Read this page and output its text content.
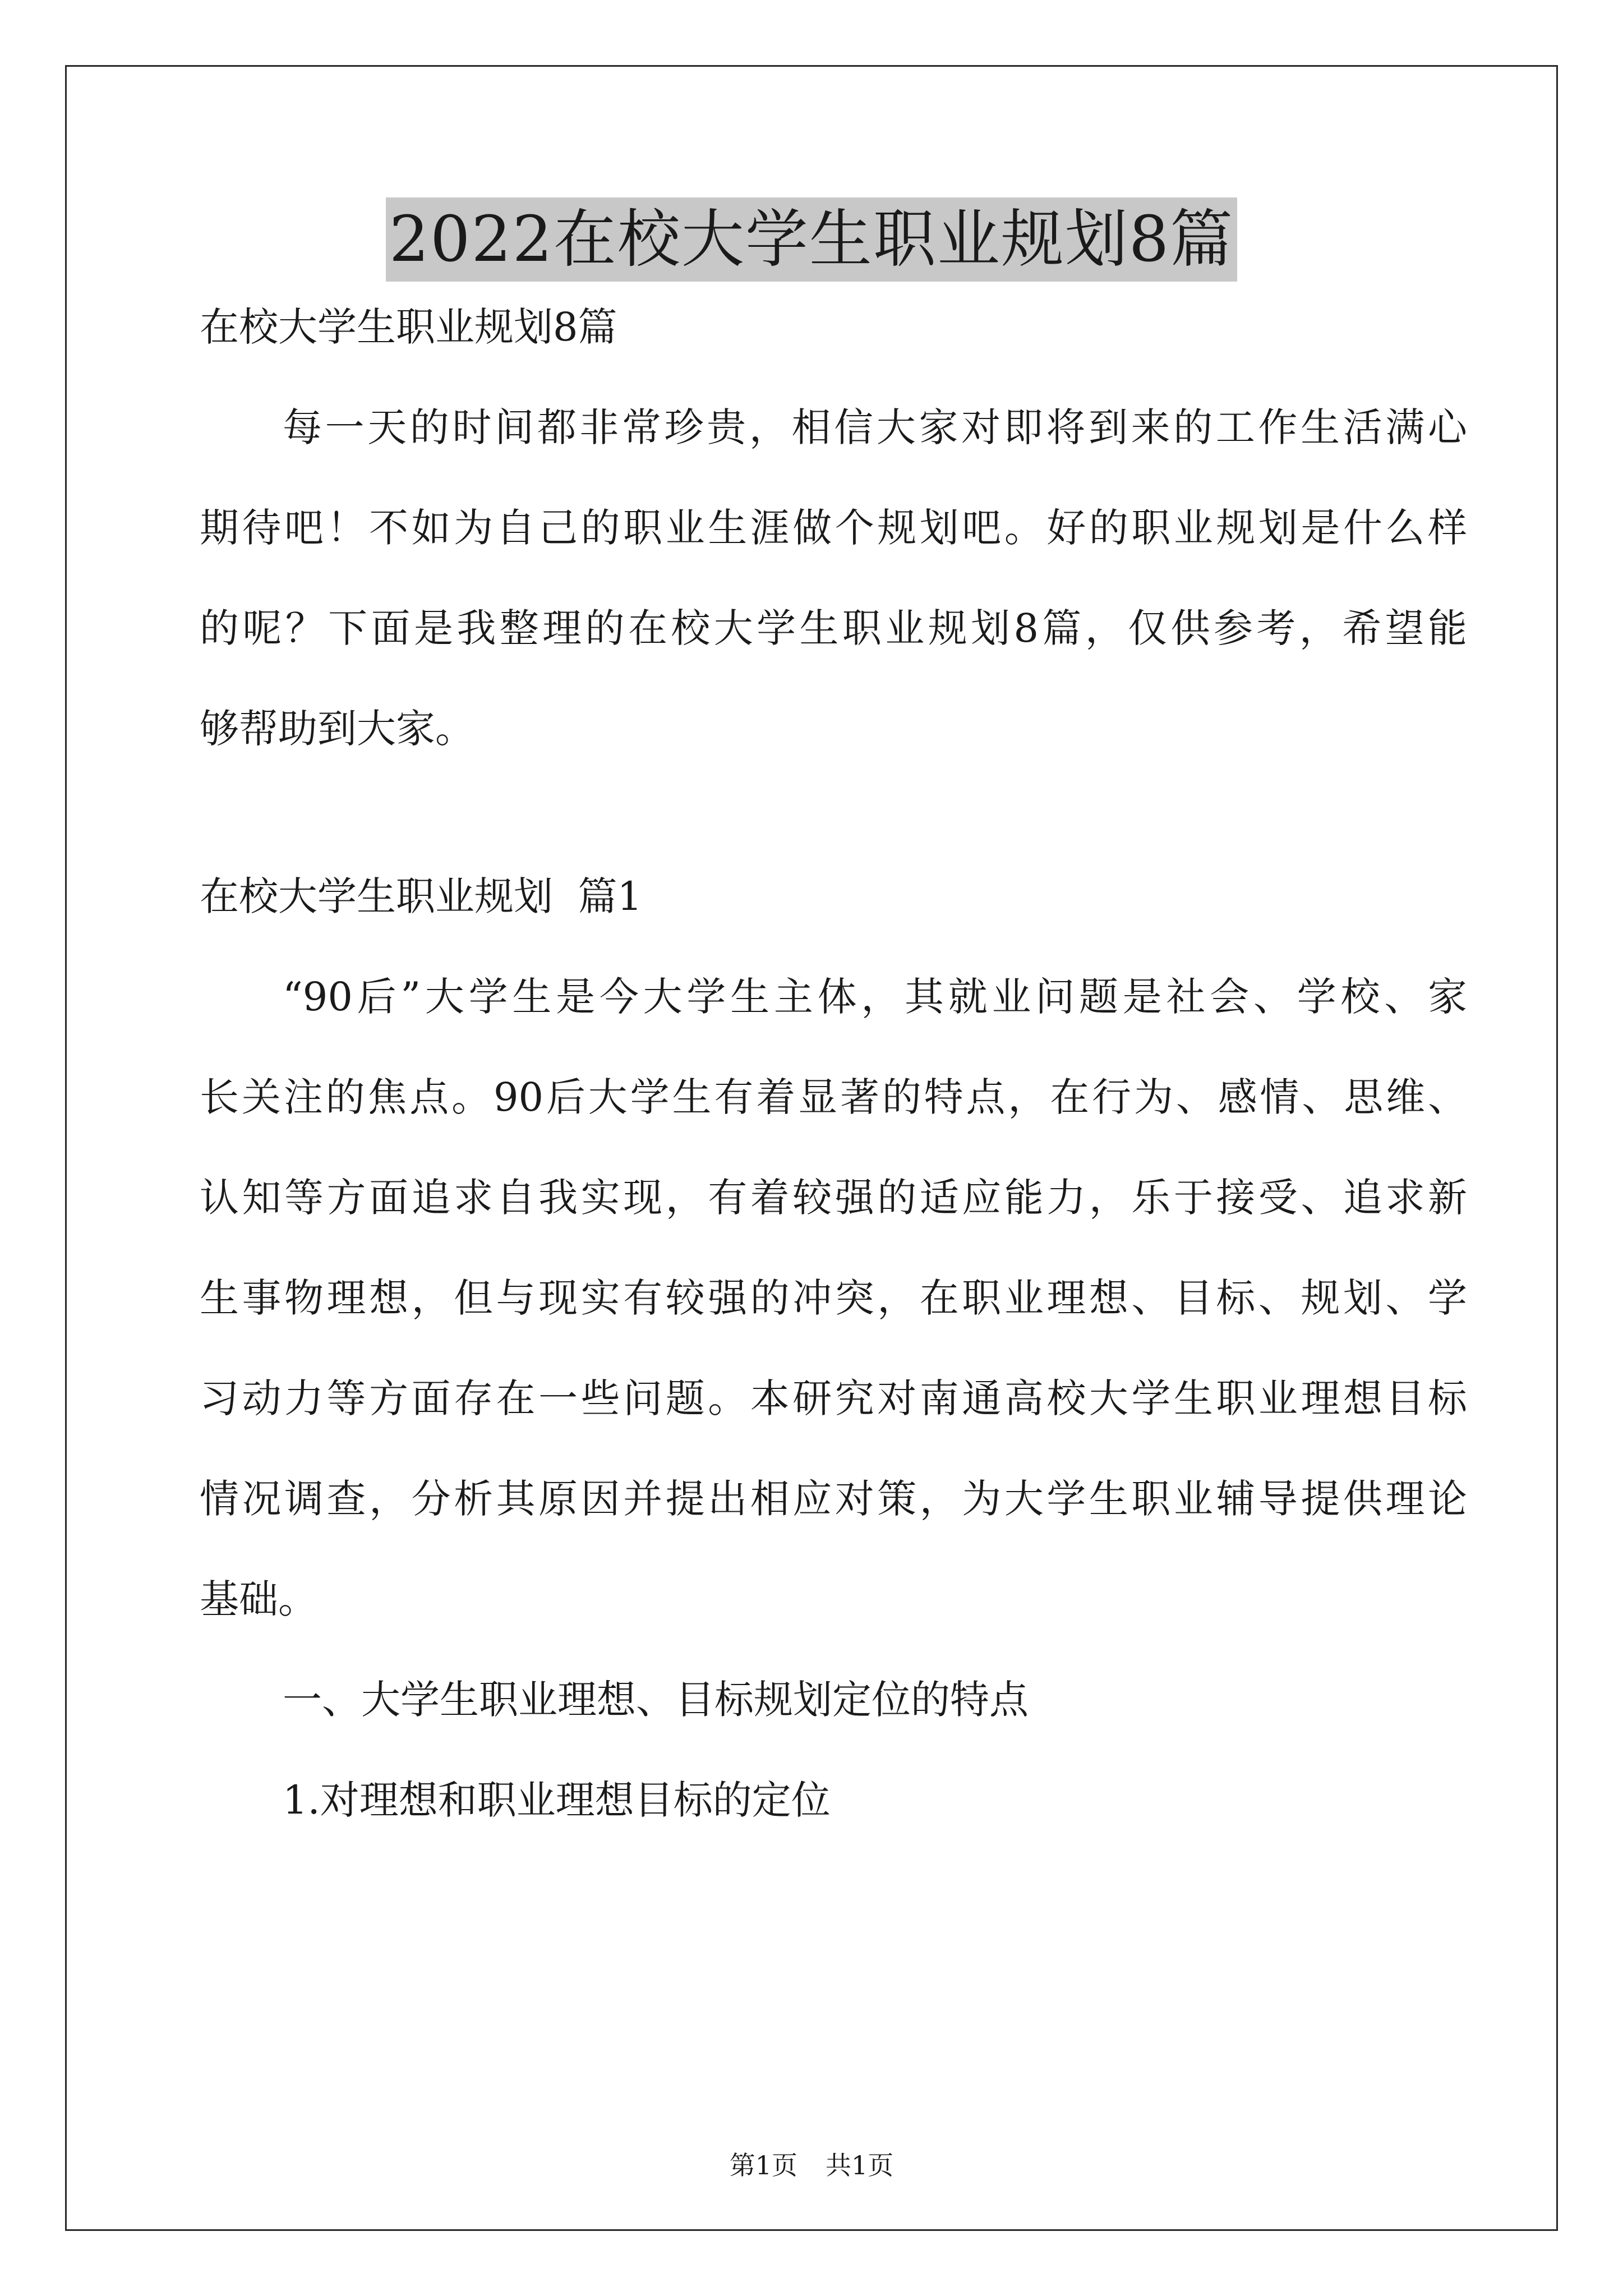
2022在校大学生职业规划8篇

在校大学生职业规划8篇

每一天的时间都非常珍贵，相信大家对即将到来的工作生活满心

期待吧！不如为自己的职业生涯做个规划吧。好的职业规划是什么样

的呢？下面是我整理的在校大学生职业规划8篇，仅供参考，希望能

够帮助到大家。

在校大学生职业规划  篇1

“90后”大学生是今大学生主体，其就业问题是社会、学校、家

长关注的焦点。90后大学生有着显著的特点，在行为、感情、思维、

认知等方面追求自我实现，有着较强的适应能力，乐于接受、追求新

生事物理想，但与现实有较强的冲突，在职业理想、目标、规划、学

习动力等方面存在一些问题。本研究对南通高校大学生职业理想目标

情况调查，分析其原因并提出相应对策，为大学生职业辅导提供理论

基础。

一、大学生职业理想、目标规划定位的特点

1.对理想和职业理想目标的定位

第1页 共1页
